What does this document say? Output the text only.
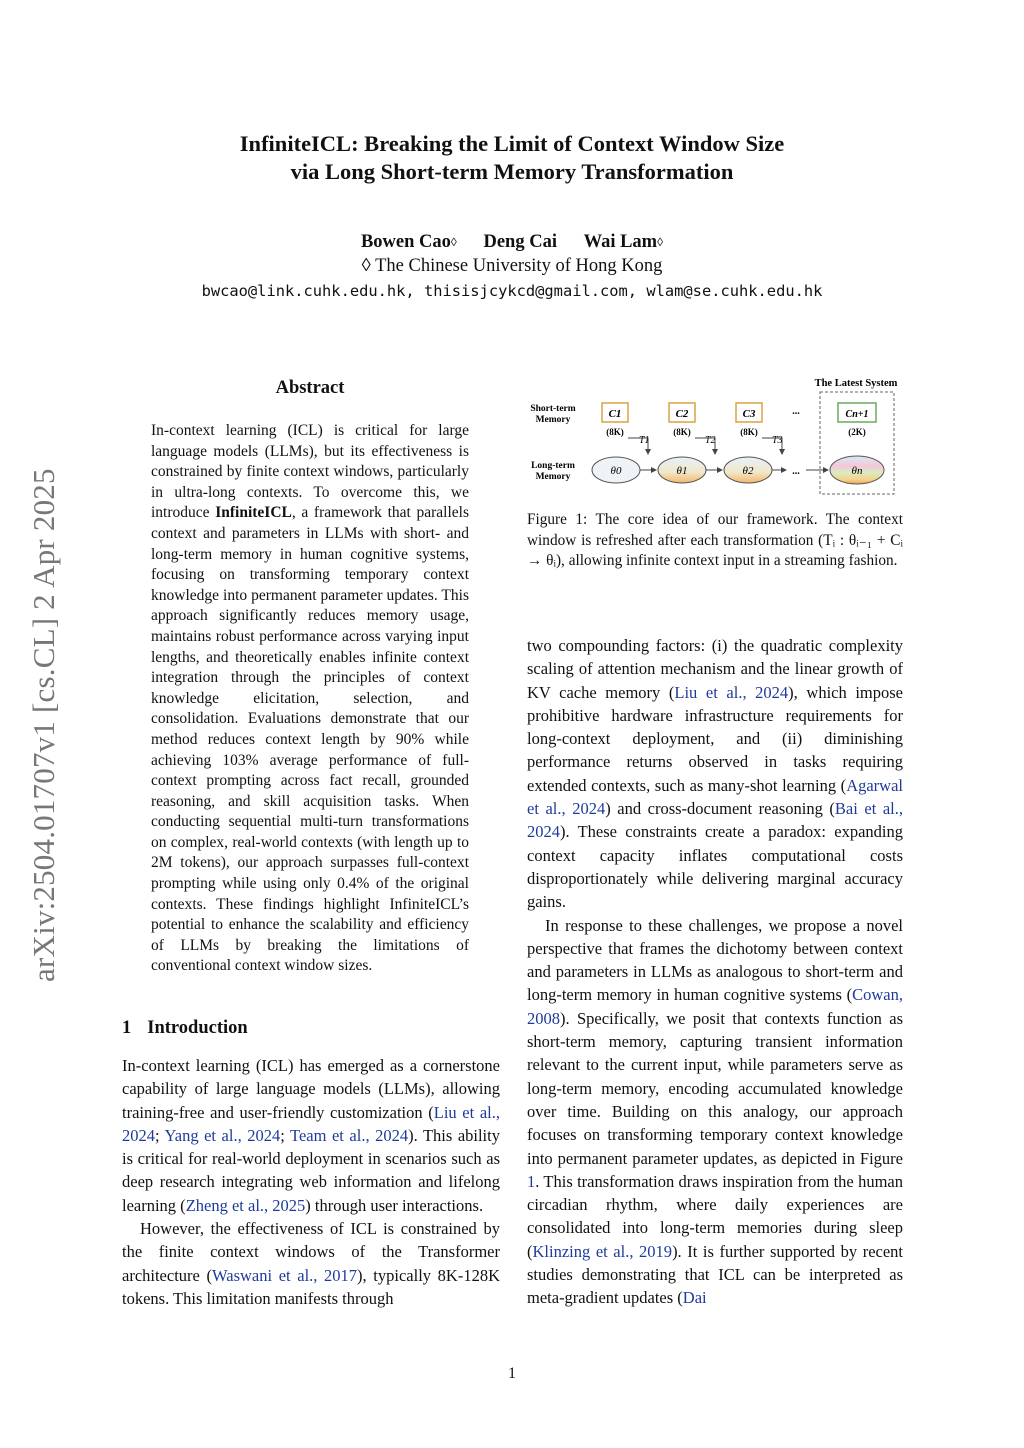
InfiniteICL: Breaking the Limit of Context Window Size
via Long Short-term Memory Transformation
Bowen Cao◊ Deng Cai Wai Lam◊
◊ The Chinese University of Hong Kong
bwcao@link.cuhk.edu.hk, thisisjcykcd@gmail.com, wlam@se.cuhk.edu.hk
arXiv:2504.01707v1 [cs.CL] 2 Apr 2025
Abstract
In-context learning (ICL) is critical for large language models (LLMs), but its effectiveness is constrained by finite context windows, particularly in ultra-long contexts. To overcome this, we introduce InfiniteICL, a framework that parallels context and parameters in LLMs with short- and long-term memory in human cognitive systems, focusing on transforming temporary context knowledge into permanent parameter updates. This approach significantly reduces memory usage, maintains robust performance across varying input lengths, and theoretically enables infinite context integration through the principles of context knowledge elicitation, selection, and consolidation. Evaluations demonstrate that our method reduces context length by 90% while achieving 103% average performance of full-context prompting across fact recall, grounded reasoning, and skill acquisition tasks. When conducting sequential multi-turn transformations on complex, real-world contexts (with length up to 2M tokens), our approach surpasses full-context prompting while using only 0.4% of the original contexts. These findings highlight InfiniteICL’s potential to enhance the scalability and efficiency of LLMs by breaking the limitations of conventional context window sizes.
1 Introduction

In-context learning (ICL) has emerged as a cornerstone capability of large language models (LLMs), allowing training-free and user-friendly customization (Liu et al., 2024; Yang et al., 2024; Team et al., 2024). This ability is critical for real-world deployment in scenarios such as deep research integrating web information and lifelong learning (Zheng et al., 2025) through user interactions.

However, the effectiveness of ICL is constrained by the finite context windows of the Transformer architecture (Waswani et al., 2017), typically 8K-128K tokens. This limitation manifests through

The Latest System
Short-term
Memory
Long-term
Memory
C1	C2	C3	Cn+1
...
(8K)	(8K)	(8K)	(2K)
T1	T2	T3
θ0	θ1	θ2	θn
...
Figure 1: The core idea of our framework. The context window is refreshed after each transformation (Tᵢ : θᵢ₋₁ + Cᵢ → θᵢ), allowing infinite context input in a streaming fashion.

two compounding factors: (i) the quadratic complexity scaling of attention mechanism and the linear growth of KV cache memory (Liu et al., 2024), which impose prohibitive hardware infrastructure requirements for long-context deployment, and (ii) diminishing performance returns observed in tasks requiring extended contexts, such as many-shot learning (Agarwal et al., 2024) and cross-document reasoning (Bai et al., 2024). These constraints create a paradox: expanding context capacity inflates computational costs disproportionately while delivering marginal accuracy gains.

In response to these challenges, we propose a novel perspective that frames the dichotomy between context and parameters in LLMs as analogous to short-term and long-term memory in human cognitive systems (Cowan, 2008). Specifically, we posit that contexts function as short-term memory, capturing transient information relevant to the current input, while parameters serve as long-term memory, encoding accumulated knowledge over time. Building on this analogy, our approach focuses on transforming temporary context knowledge into permanent parameter updates, as depicted in Figure 1. This transformation draws inspiration from the human circadian rhythm, where daily experiences are consolidated into long-term memories during sleep (Klinzing et al., 2019). It is further supported by recent studies demonstrating that ICL can be interpreted as meta-gradient updates (Dai

1
